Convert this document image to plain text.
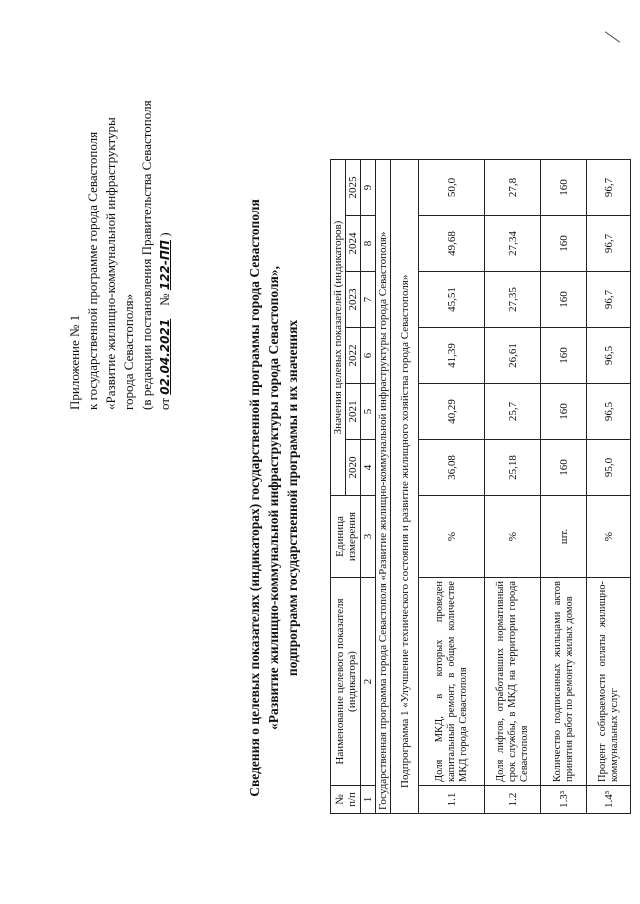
Приложение № 1 к государственной программе города Севастополя «Развитие жилищно-коммунальной инфраструктуры города Севастополя» (в редакции постановления Правительства Севастополя от 02.04.2021    № 122-ПП )	Сведения о целевых показателях (индикаторах) государственной программы города Севастополя «Развитие жилищно-коммунальной инфраструктуры города Севастополя», подпрограмм государственной программы и их значениях
№ п/п	Наименование целевого показателя (индикатора)	Единица измерения	Значения целевых показателей (индикаторов)					
			2020	2021	2022	2023	2024	2025
1	2	3	4	5	6	7	8	9
Государственная программа города Севастополя «Развитие жилищно-коммунальной инфраструктуры города Севастополя»								
Подпрограмма 1 «Улучшение технического состояния и развитие жилищного хозяйства города Севастополя»								
1.1	Доля МКД, в которых проведен капитальный ремонт, в общем количестве МКД города Севастополя	%	36,08	40,29	41,39	45,51	49,68	50,0
1.2	Доля лифтов, отработавших нормативный срок службы, в МКД на территории города Севастополя	%	25,18	25,7	26,61	27,35	27,34	27,8
1.3³	Количество подписанных жильцами актов принятия работ по ремонту жилых домов	шт.	160	160	160	160	160	160
1.4³	Процент собираемости оплаты жилищно-коммунальных услуг	%	95,0	96,5	96,5	96,7	96,7	96,7
